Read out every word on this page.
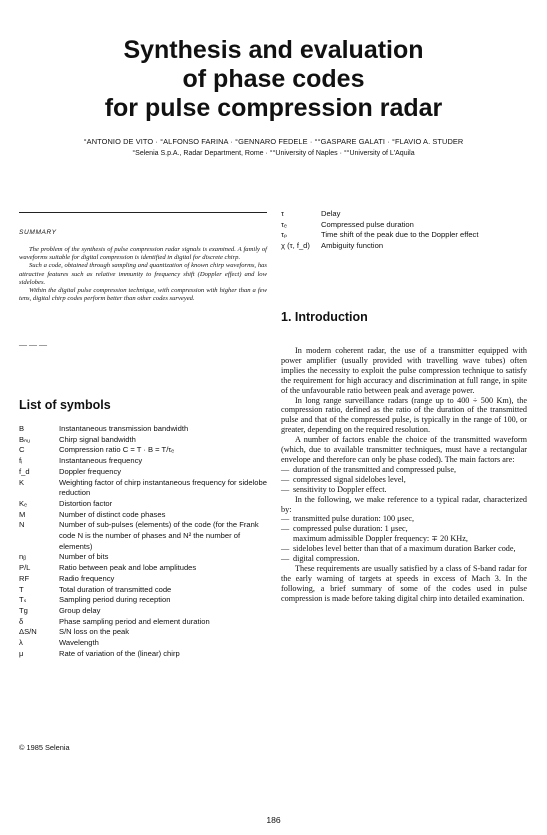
Synthesis and evaluation
of phase codes
for pulse compression radar
°ANTONIO DE VITO · °ALFONSO FARINA · °GENNARO FEDELE · °°GASPARE GALATI · °FLAVIO A. STUDER
°Selenia S.p.A., Radar Department, Rome · °°University of Naples · °°University of L'Aquila
SUMMARY

The problem of the synthesis of pulse compression radar signals is examined. A family of waveforms suitable for digital compression is identified in digital for discrete chirp.

Such a code, obtained through sampling and quantization of known chirp waveforms, has attractive features such as relative immunity to frequency shift (Doppler effect) and low sidelobes.

Within the digital pulse compression technique, with compression with higher than a few tens, digital chirp codes perform better than other codes surveyed.

— — —
List of symbols
B	Instantaneous transmission bandwidth
Bₙᵤ	Chirp signal bandwidth
C	Compression ratio C = T · B = T/τₑ
fᵢ	Instantaneous frequency
f_d	Doppler frequency
K	Weighting factor of chirp instantaneous frequency for sidelobe reduction
Kₑ	Distortion factor
M	Number of distinct code phases
N	Number of sub-pulses (elements) of the code (for the Frank code N is the number of phases and N² the number of elements)
nᵦ	Number of bits
P/L	Ratio between peak and lobe amplitudes
RF	Radio frequency
T	Total duration of transmitted code
Tₛ	Sampling period during reception
Tg	Group delay
δ	Phase sampling period and element duration
ΔS/N	S/N loss on the peak
λ	Wavelength
μ	Rate of variation of the (linear) chirp
τ	Delay
τₑ	Compressed pulse duration
τₚ	Time shift of the peak due to the Doppler effect
χ (τ, f_d)	Ambiguity function
1. Introduction

In modern coherent radar, the use of a transmitter equipped with power amplifier (usually provided with travelling wave tubes) often implies the necessity to exploit the pulse compression technique to satisfy the requirement for high accuracy and discrimination at full range, in spite of the unfavourable ratio between peak and average power.

In long range surveillance radars (range up to 400 ÷ 500 Km), the compression ratio, defined as the ratio of the duration of the transmitted pulse and that of the compressed pulse, is typically in the range of 100, or greater, depending on the required resolution.

A number of factors enable the choice of the transmitted waveform (which, due to available transmitter techniques, must have a rectangular envelope and therefore can only be phase coded). The main factors are:

— duration of the transmitted and compressed pulse,
— compressed signal sidelobes level,
— sensitivity to Doppler effect.

In the following, we make reference to a typical radar, characterized by:

— transmitted pulse duration: 100 μsec,
— compressed pulse duration: 1 μsec,
maximum admissible Doppler frequency: ∓ 20 KHz,
— sidelobes level better than that of a maximum duration Barker code,
— digital compression.

These requirements are usually satisfied by a class of S-band radar for the early warning of targets at speeds in excess of Mach 3. In the following, a brief summary of some of the codes used in pulse compression is made before taking digital chirp into detailed examination.

© 1985 Selenia
186
